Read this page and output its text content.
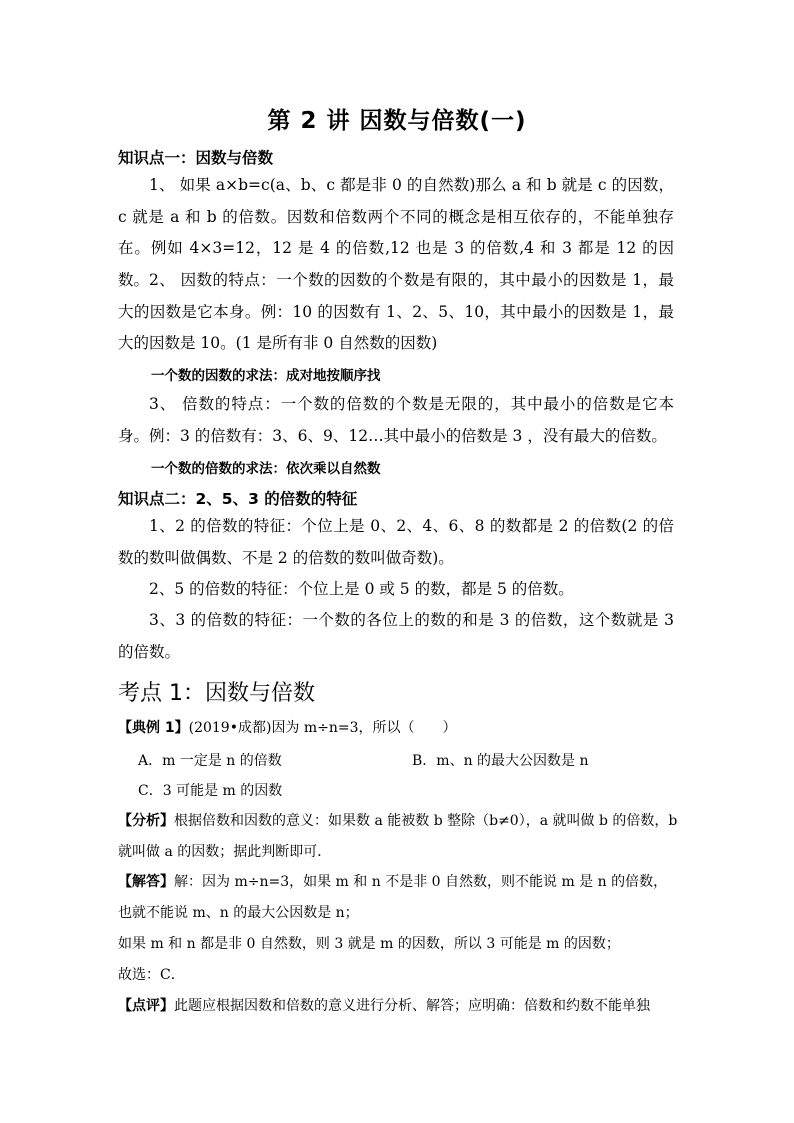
第 2 讲 因数与倍数(一)
知识点一：因数与倍数
1、 如果 a×b=c(a、b、c 都是非 0 的自然数)那么 a 和 b 就是 c 的因数，c 就是 a 和 b 的倍数。因数和倍数两个不同的概念是相互依存的，不能单独存在。例如 4×3=12，12 是 4 的倍数,12 也是 3 的倍数,4 和 3 都是 12 的因数。 2、 因数的特点：一个数的因数的个数是有限的，其中最小的因数是 1，最大的因数是它本身。例：10 的因数有 1、2、5、10，其中最小的因数是 1，最大的因数是 10。(1 是所有非 0 自然数的因数)
一个数的因数的求法：成对地按顺序找
3、 倍数的特点：一个数的倍数的个数是无限的，其中最小的倍数是它本身。例：3 的倍数有：3、6、9、12…其中最小的倍数是 3 ，没有最大的倍数。
一个数的倍数的求法：依次乘以自然数
知识点二：2、5、3 的倍数的特征
1、2 的倍数的特征：个位上是 0、2、4、6、8 的数都是 2 的倍数(2 的倍数的数叫做偶数、不是 2 的倍数的数叫做奇数)。
2、5 的倍数的特征：个位上是 0 或 5 的数，都是 5 的倍数。
3、3 的倍数的特征：一个数的各位上的数的和是 3 的倍数，这个数就是 3 的倍数。
考点 1：因数与倍数
【典例 1】(2019•成都)因为 m÷n=3，所以（　　）
A．m 一定是 n 的倍数	B．m、n 的最大公因数是 n
C．3 可能是 m 的因数
【分析】根据倍数和因数的意义：如果数 a 能被数 b 整除（b≠0），a 就叫做 b 的倍数，b 就叫做 a 的因数；据此判断即可．
【解答】解：因为 m÷n=3，如果 m 和 n 不是非 0 自然数，则不能说 m 是 n 的倍数，也就不能说 m、n 的最大公因数是 n；
如果 m 和 n 都是非 0 自然数，则 3 就是 m 的因数，所以 3 可能是 m 的因数；
故选：C．
【点评】此题应根据因数和倍数的意义进行分析、解答；应明确：倍数和约数不能单独
